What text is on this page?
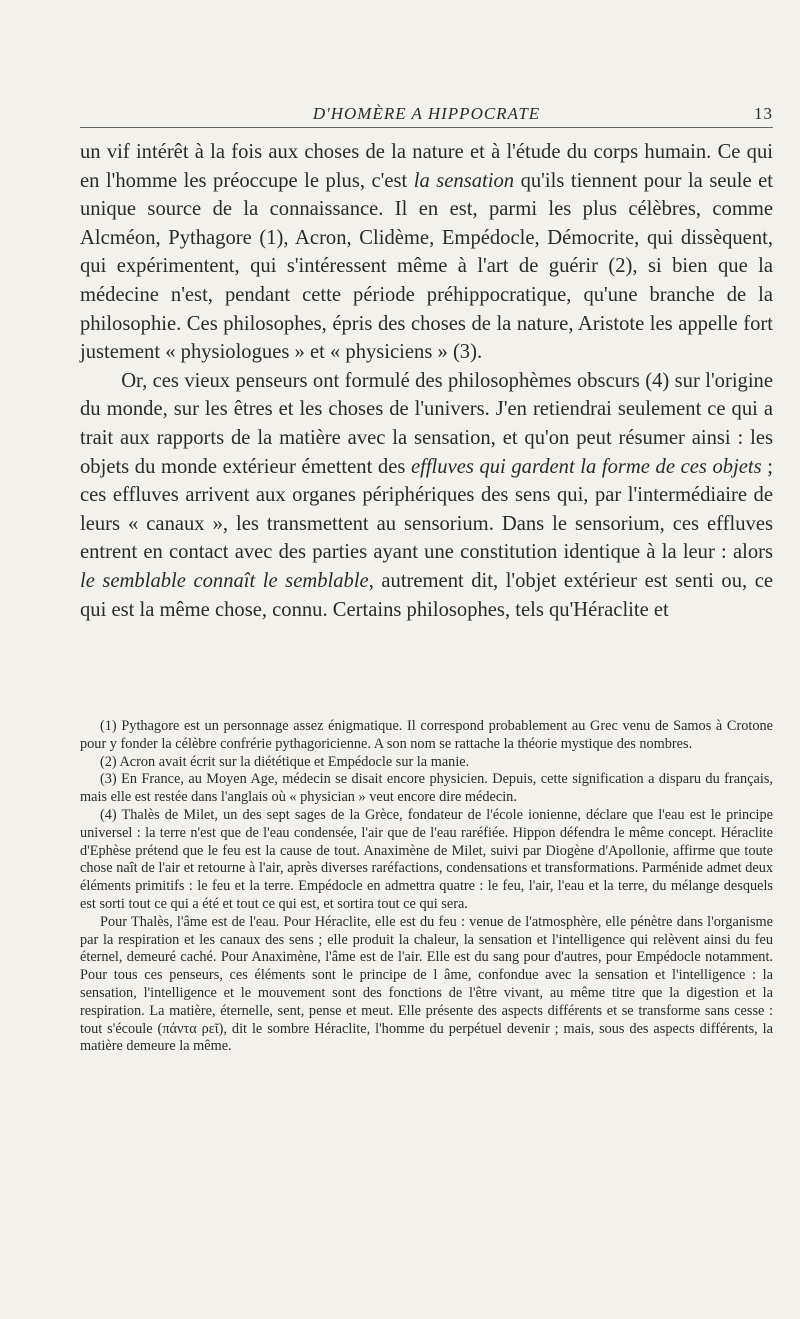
D'HOMÈRE A HIPPOCRATE	13

un vif intérêt à la fois aux choses de la nature et à l'étude du corps humain. Ce qui en l'homme les préoccupe le plus, c'est la sensation qu'ils tiennent pour la seule et unique source de la connaissance. Il en est, parmi les plus célèbres, comme Alcméon, Pythagore (1), Acron, Clidème, Empédocle, Démocrite, qui dissèquent, qui expérimentent, qui s'intéressent même à l'art de guérir (2), si bien que la médecine n'est, pendant cette période préhippocratique, qu'une branche de la philosophie. Ces philosophes, épris des choses de la nature, Aristote les appelle fort justement « physiologues » et « physiciens » (3).

Or, ces vieux penseurs ont formulé des philosophèmes obscurs (4) sur l'origine du monde, sur les êtres et les choses de l'univers. J'en retiendrai seulement ce qui a trait aux rapports de la matière avec la sensation, et qu'on peut résumer ainsi : les objets du monde extérieur émettent des effluves qui gardent la forme de ces objets ; ces effluves arrivent aux organes périphériques des sens qui, par l'intermédiaire de leurs « canaux », les transmettent au sensorium. Dans le sensorium, ces effluves entrent en contact avec des parties ayant une constitution identique à la leur : alors le semblable connaît le semblable, autrement dit, l'objet extérieur est senti ou, ce qui est la même chose, connu. Certains philosophes, tels qu'Héraclite et

(1) Pythagore est un personnage assez énigmatique. Il correspond probablement au Grec venu de Samos à Crotone pour y fonder la célèbre confrérie pythagoricienne. A son nom se rattache la théorie mystique des nombres.

(2) Acron avait écrit sur la diététique et Empédocle sur la manie.

(3) En France, au Moyen Age, médecin se disait encore physicien. Depuis, cette signification a disparu du français, mais elle est restée dans l'anglais où « physician » veut encore dire médecin.

(4) Thalès de Milet, un des sept sages de la Grèce, fondateur de l'école ionienne, déclare que l'eau est le principe universel : la terre n'est que de l'eau condensée, l'air que de l'eau raréfiée. Hippon défendra le même concept. Héraclite d'Ephèse prétend que le feu est la cause de tout. Anaximène de Milet, suivi par Diogène d'Apollonie, affirme que toute chose naît de l'air et retourne à l'air, après diverses raréfactions, condensations et transformations. Parménide admet deux éléments primitifs : le feu et la terre. Empédocle en admettra quatre : le feu, l'air, l'eau et la terre, du mélange desquels est sorti tout ce qui a été et tout ce qui est, et sortira tout ce qui sera.

Pour Thalès, l'âme est de l'eau. Pour Héraclite, elle est du feu : venue de l'atmosphère, elle pénètre dans l'organisme par la respiration et les canaux des sens ; elle produit la chaleur, la sensation et l'intelligence qui relèvent ainsi du feu éternel, demeuré caché. Pour Anaximène, l'âme est de l'air. Elle est du sang pour d'autres, pour Empédocle notamment. Pour tous ces penseurs, ces éléments sont le principe de l âme, confondue avec la sensation et l'intelligence : la sensation, l'intelligence et le mouvement sont des fonctions de l'être vivant, au même titre que la digestion et la respiration. La matière, éternelle, sent, pense et meut. Elle présente des aspects différents et se transforme sans cesse : tout s'écoule (πάντα ρεῖ), dit le sombre Héraclite, l'homme du perpétuel devenir ; mais, sous des aspects différents, la matière demeure la même.
